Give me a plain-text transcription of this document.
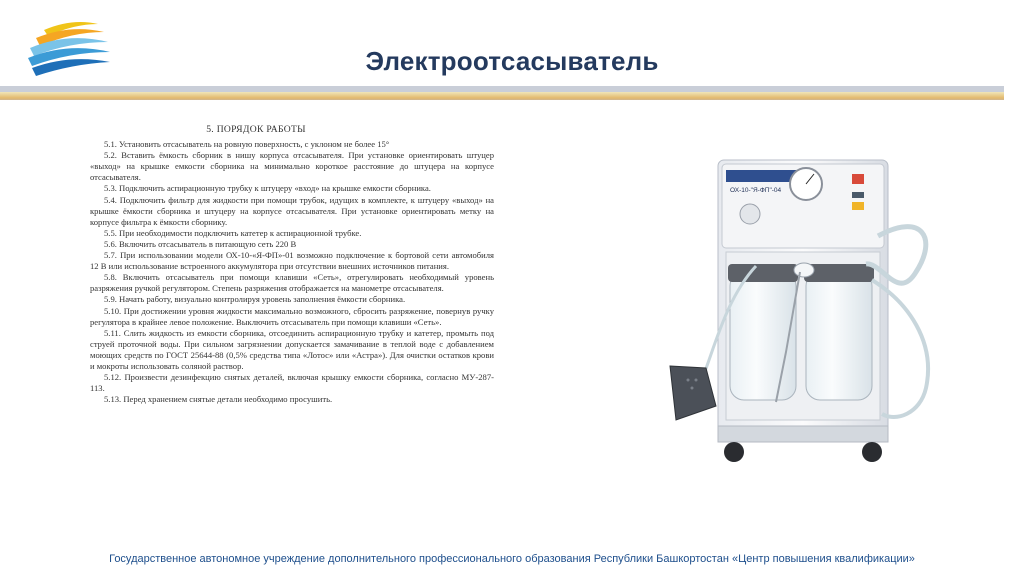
Электроотсасыватель
5. ПОРЯДОК РАБОТЫ

5.1. Установить отсасыватель на ровную поверхность, с уклоном не более 15°

5.2. Вставить ёмкость сборник в нишу корпуса отсасывателя. При установке ориентировать штуцер «выход» на крышке емкости сборника на минимально короткое расстояние до штуцера на корпусе отсасывателя.

5.3. Подключить аспирационную трубку к штуцеру «вход» на крышке емкости сборника.

5.4. Подключить фильтр для жидкости при помощи трубок, идущих в комплекте, к штуцеру «выход» на крышке ёмкости сборника и штуцеру на корпусе отсасывателя. При установке ориентировать метку на корпусе фильтра к ёмкости сборнику.

5.5. При необходимости подключить катетер к аспирационной трубке.

5.6. Включить отсасыватель в питающую сеть 220 В

5.7. При использовании модели ОХ-10-«Я-ФП»-01 возможно подключение к бортовой сети автомобиля 12 В или использование встроенного аккумулятора при отсутствии внешних источников питания.

5.8. Включить отсасыватель при помощи клавиши «Сеть», отрегулировать необходимый уровень разряжения ручкой регулятором. Степень разряжения отображается на манометре отсасывателя.

5.9. Начать работу, визуально контролируя уровень заполнения ёмкости сборника.

5.10. При достижении уровня жидкости максимально возможного, сбросить разряжение, повернув ручку регулятора в крайнее левое положение. Выключить отсасыватель при помощи клавиши «Сеть».

5.11. Слить жидкость из емкости сборника, отсоединить аспирационную трубку и катетер, промыть под струей проточной воды. При сильном загрязнении допускается замачивание в теплой воде с добавлением моющих средств по ГОСТ 25644-88 (0,5% средства типа «Лотос» или «Астра»). Для очистки остатков крови и мокроты использовать соляной раствор.

5.12. Произвести дезинфекцию снятых деталей, включая крышку емкости сборника, согласно МУ-287-113.

5.13. Перед хранением снятые детали необходимо просушить.

ОХ-10-"Я-ФП"-04
Государственное автономное учреждение дополнительного профессионального образования Республики Башкортостан «Центр повышения квалификации»
